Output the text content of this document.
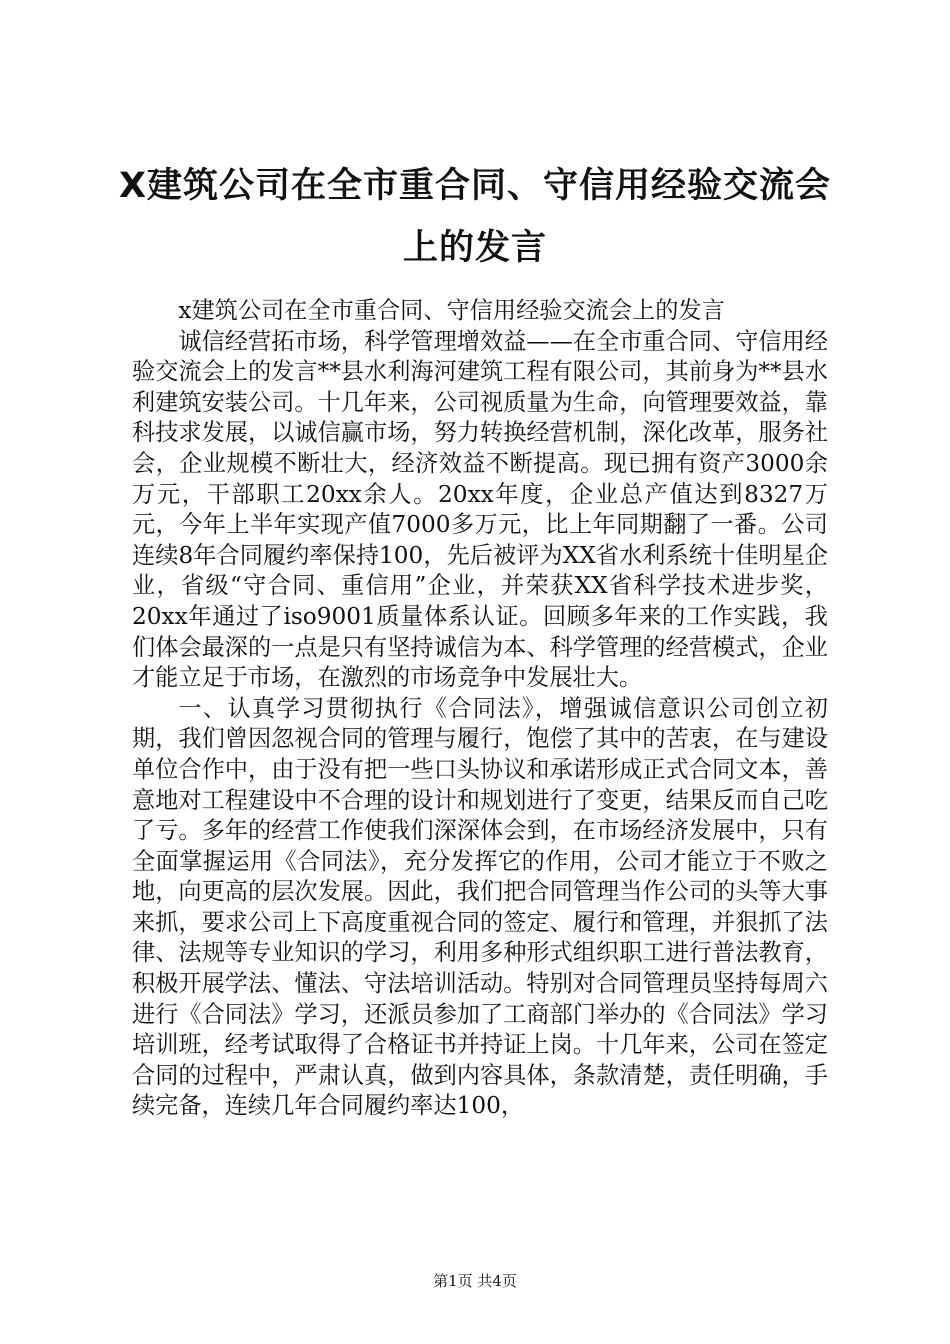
X建筑公司在全市重合同、守信用经验交流会上的发言

x建筑公司在全市重合同、守信用经验交流会上的发言

诚信经营拓市场，科学管理增效益——在全市重合同、守信用经验交流会上的发言**县水利海河建筑工程有限公司，其前身为**县水利建筑安装公司。十几年来，公司视质量为生命，向管理要效益，靠科技求发展，以诚信赢市场，努力转换经营机制，深化改革，服务社会，企业规模不断壮大，经济效益不断提高。现已拥有资产3000余万元，干部职工20xx余人。20xx年度，企业总产值达到8327万元，今年上半年实现产值7000多万元，比上年同期翻了一番。公司连续8年合同履约率保持100，先后被评为XX省水利系统十佳明星企业，省级“守合同、重信用”企业，并荣获XX省科学技术进步奖，20xx年通过了iso9001质量体系认证。回顾多年来的工作实践，我们体会最深的一点是只有坚持诚信为本、科学管理的经营模式，企业才能立足于市场，在激烈的市场竞争中发展壮大。

一、认真学习贯彻执行《合同法》，增强诚信意识公司创立初期，我们曾因忽视合同的管理与履行，饱偿了其中的苦衷，在与建设单位合作中，由于没有把一些口头协议和承诺形成正式合同文本，善意地对工程建设中不合理的设计和规划进行了变更，结果反而自己吃了亏。多年的经营工作使我们深深体会到，在市场经济发展中，只有全面掌握运用《合同法》，充分发挥它的作用，公司才能立于不败之地，向更高的层次发展。因此，我们把合同管理当作公司的头等大事来抓，要求公司上下高度重视合同的签定、履行和管理，并狠抓了法律、法规等专业知识的学习，利用多种形式组织职工进行普法教育，积极开展学法、懂法、守法培训活动。特别对合同管理员坚持每周六进行《合同法》学习，还派员参加了工商部门举办的《合同法》学习培训班，经考试取得了合格证书并持证上岗。十几年来，公司在签定合同的过程中，严肃认真，做到内容具体，条款清楚，责任明确，手续完备，连续几年合同履约率达100，

第1页 共4页
